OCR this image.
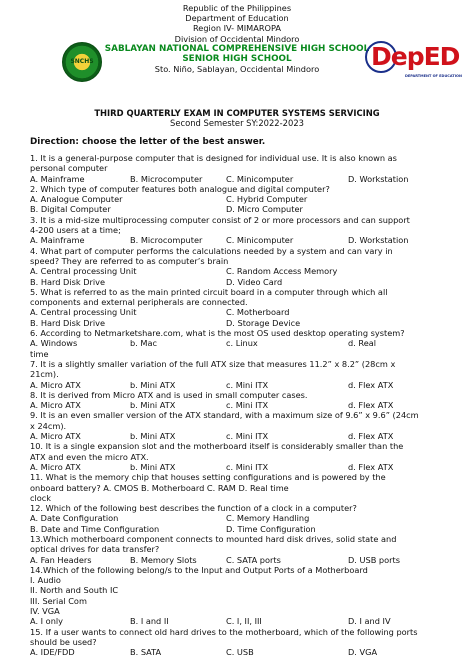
Republic of the Philippines
Department of Education
Region IV- MIMAROPA
Division of Occidental Mindoro
SABLAYAN NATIONAL COMPREHENSIVE HIGH SCHOOL
SENIOR HIGH SCHOOL
Sto. Niño, Sablayan, Occidental Mindoro
SNCHS	DepED
DEPARTMENT OF EDUCATION
THIRD QUARTERLY EXAM IN COMPUTER SYSTEMS SERVICING
Second Semester SY:2022-2023
Direction: choose the letter of the best answer.
1. It is a general-purpose computer that is designed for individual use. It is also known as
personal computer
A. Mainframe	B. Microcomputer	C. Minicomputer	D. Workstation
2. Which type of computer features both analogue and digital computer?
A. Analogue Computer	C. Hybrid Computer
B. Digital Computer	D. Micro Computer
3. It is a mid-size multiprocessing computer consist of 2 or more processors and can support
4-200 users at a time;
A. Mainframe	B. Microcomputer	C. Minicomputer	D. Workstation
4. What part of computer performs the calculations needed by a system and can vary in
speed? They are referred to as computer’s brain
A. Central processing Unit	C. Random Access Memory
B. Hard Disk Drive	D. Video Card
5. What is referred to as the main printed circuit board in a computer through which all
components and external peripherals are connected.
A. Central processing Unit	C. Motherboard
B. Hard Disk Drive	D. Storage Device
6. According to Netmarketshare.com, what is the most OS used desktop operating system?
A. Windows	b. Mac	c. Linux	d. Real
time
7. It is a slightly smaller variation of the full ATX size that measures 11.2” x 8.2” (28cm x
21cm).
A. Micro ATX	b. Mini ATX	c. Mini ITX	d. Flex ATX
8. It is derived from Micro ATX and is used in small computer cases.
A. Micro ATX	b. Mini ATX	c. Mini ITX	d. Flex ATX
9. It is an even smaller version of the ATX standard, with a maximum size of 9.6” x 9.6” (24cm
x 24cm).
A. Micro ATX	b. Mini ATX	c. Mini ITX	d. Flex ATX
10. It is a single expansion slot and the motherboard itself is considerably smaller than the
ATX and even the micro ATX.
A. Micro ATX	b. Mini ATX	c. Mini ITX	d. Flex ATX
11. What is the memory chip that houses setting configurations and is powered by the
onboard battery? A. CMOS B. Motherboard C. RAM D. Real time
clock
12. Which of the following best describes the function of a clock in a computer?
A. Date Configuration	C. Memory Handling
B. Date and Time Configuration	D. Time Configuration
13.Which motherboard component connects to mounted hard disk drives, solid state and
optical drives for data transfer?
A. Fan Headers	B. Memory Slots	C. SATA ports	D. USB ports
14.Which of the following belong/s to the Input and Output Ports of a Motherboard
I. Audio
II. North and South IC
III. Serial Com
IV. VGA
A. I only	B. I and II	C. I, II, III	D. I and IV
15. If a user wants to connect old hard drives to the motherboard, which of the following ports
should be used?
A. IDE/FDD	B. SATA	C. USB	D. VGA
